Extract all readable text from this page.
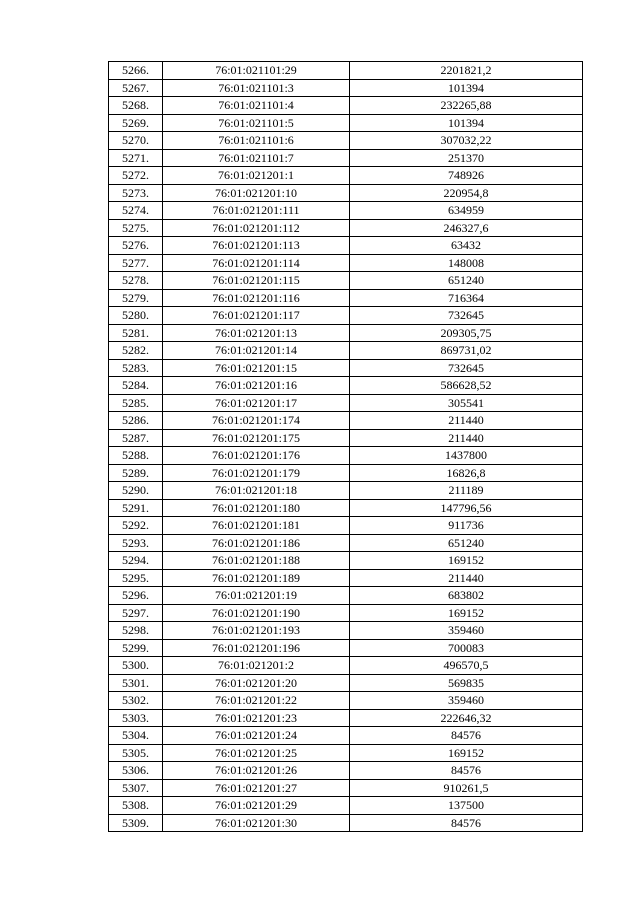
5266.	76:01:021101:29	2201821,2
5267.	76:01:021101:3	101394
5268.	76:01:021101:4	232265,88
5269.	76:01:021101:5	101394
5270.	76:01:021101:6	307032,22
5271.	76:01:021101:7	251370
5272.	76:01:021201:1	748926
5273.	76:01:021201:10	220954,8
5274.	76:01:021201:111	634959
5275.	76:01:021201:112	246327,6
5276.	76:01:021201:113	63432
5277.	76:01:021201:114	148008
5278.	76:01:021201:115	651240
5279.	76:01:021201:116	716364
5280.	76:01:021201:117	732645
5281.	76:01:021201:13	209305,75
5282.	76:01:021201:14	869731,02
5283.	76:01:021201:15	732645
5284.	76:01:021201:16	586628,52
5285.	76:01:021201:17	305541
5286.	76:01:021201:174	211440
5287.	76:01:021201:175	211440
5288.	76:01:021201:176	1437800
5289.	76:01:021201:179	16826,8
5290.	76:01:021201:18	211189
5291.	76:01:021201:180	147796,56
5292.	76:01:021201:181	911736
5293.	76:01:021201:186	651240
5294.	76:01:021201:188	169152
5295.	76:01:021201:189	211440
5296.	76:01:021201:19	683802
5297.	76:01:021201:190	169152
5298.	76:01:021201:193	359460
5299.	76:01:021201:196	700083
5300.	76:01:021201:2	496570,5
5301.	76:01:021201:20	569835
5302.	76:01:021201:22	359460
5303.	76:01:021201:23	222646,32
5304.	76:01:021201:24	84576
5305.	76:01:021201:25	169152
5306.	76:01:021201:26	84576
5307.	76:01:021201:27	910261,5
5308.	76:01:021201:29	137500
5309.	76:01:021201:30	84576
